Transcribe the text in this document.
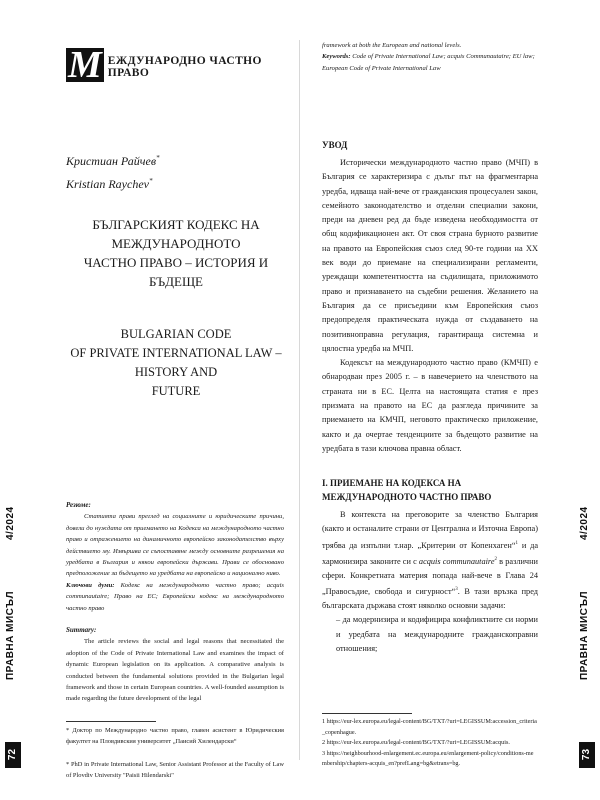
М ЕЖДУНАРОДНО ЧАСТНО ПРАВО
Кристиан Райчев*
Kristian Raychev*
БЪЛГАРСКИЯТ КОДЕКС НА МЕЖДУНАРОДНОТО
ЧАСТНО ПРАВО – ИСТОРИЯ И БЪДЕЩЕ
BULGARIAN CODE
OF PRIVATE INTERNATIONAL LAW – HISTORY AND
FUTURE
Резюме:

Статията прави преглед на социалните и юридическите причини, довели до нуждата от приемането на Кодекса на международното частно право и отражението на динамичното европейско законодателство върху действието му. Извършва се съпоставяне между основните разрешения на уредбата в България и някои европейски държави. Прави се обосновано предположение за бъдещето на уредбата на европейско и национално ниво.

Ключови думи: Кодекс на международното частно право; acquis communautaire; Право на ЕС; Европейски кодекс на международното частно право

Summary:

The article reviews the social and legal reasons that necessitated the adoption of the Code of Private International Law and examines the impact of dynamic European legislation on its application. A comparative analysis is conducted between the fundamental solutions provided in the Bulgarian legal framework and those in certain European countries. A well-founded assumption is made regarding the future development of the legal

* Доктор по Международно частно право, главен асистент в Юридическия факултет на Пловдивския университет „Паисий Хилендарски“
* PhD in Private International Law, Senior Assistant Professor at the Faculty of Law of Plovdiv University "Paisii Hilendarski"
4/2024
ПРАВНА МИСЪЛ
72
framework at both the European and national levels.
Keywords: Code of Private International Law; acquis Communautaire; EU law; European Code of Private International Law
УВОД

Исторически международното частно право (МЧП) в България се характеризира с дълъг път на фрагментарна уредба, идваща най-вече от гражданския процесуален закон, семейното законодателство и отделни специални закони, преди на дневен ред да бъде изведена необходимостта от общ кодификационен акт. От своя страна бурното развитие на правото на Европейския съюз след 90-те години на XX век води до приемане на специализирани регламенти, уреждащи компетентността на съдилищата, приложимото право и признаването на съдебни решения. Желанието на България да се присъедини към Европейския съюз предопределя практическата нужда от създаването на позитивноправна регулация, гарантираща системна и цялостна уредба на МЧП.

Кодексът на международното частно право (КМЧП) е обнародван през 2005 г. – в навечерието на членството на страната ни в ЕС. Целта на настоящата статия е през призмата на правото на ЕС да разгледа причините за приемането на КМЧП, неговото практическо приложение, както и да очертае тенденциите за бъдещото развитие на уредбата в тази ключова правна област.

I. ПРИЕМАНЕ НА КОДЕКСА НА МЕЖДУНАРОДНОТО ЧАСТНО ПРАВО

В контекста на преговорите за членство България (както и останалите страни от Централна и Източна Европа) трябва да изпълни т.нар. „Критерии от Копенхаген“$^1$ и да хармонизира законите си с acquis communautaire$^2$ в различни сфери. Конкретната материя попада най-вече в Глава 24 „Правосъдие, свобода и сигурност“$^3$. В тази връзка пред българската държава стоят няколко основни задачи:

– да модернизира и кодифицира конфликтните си норми и уредбата на международните гражданскоправни отношения;

1 https://eur-lex.europa.eu/legal-content/BG/TXT/?uri=LEGISSUM:accession_criteria_copenhague.
2 https://eur-lex.europa.eu/legal-content/BG/TXT/?uri=LEGISSUM:acquis.
3 https://neighbourhood-enlargement.ec.europa.eu/enlargement-policy/conditions-membership/chapters-acquis_en?prefLang=bg&etrans=bg.
4/2024
ПРАВНА МИСЪЛ
73
